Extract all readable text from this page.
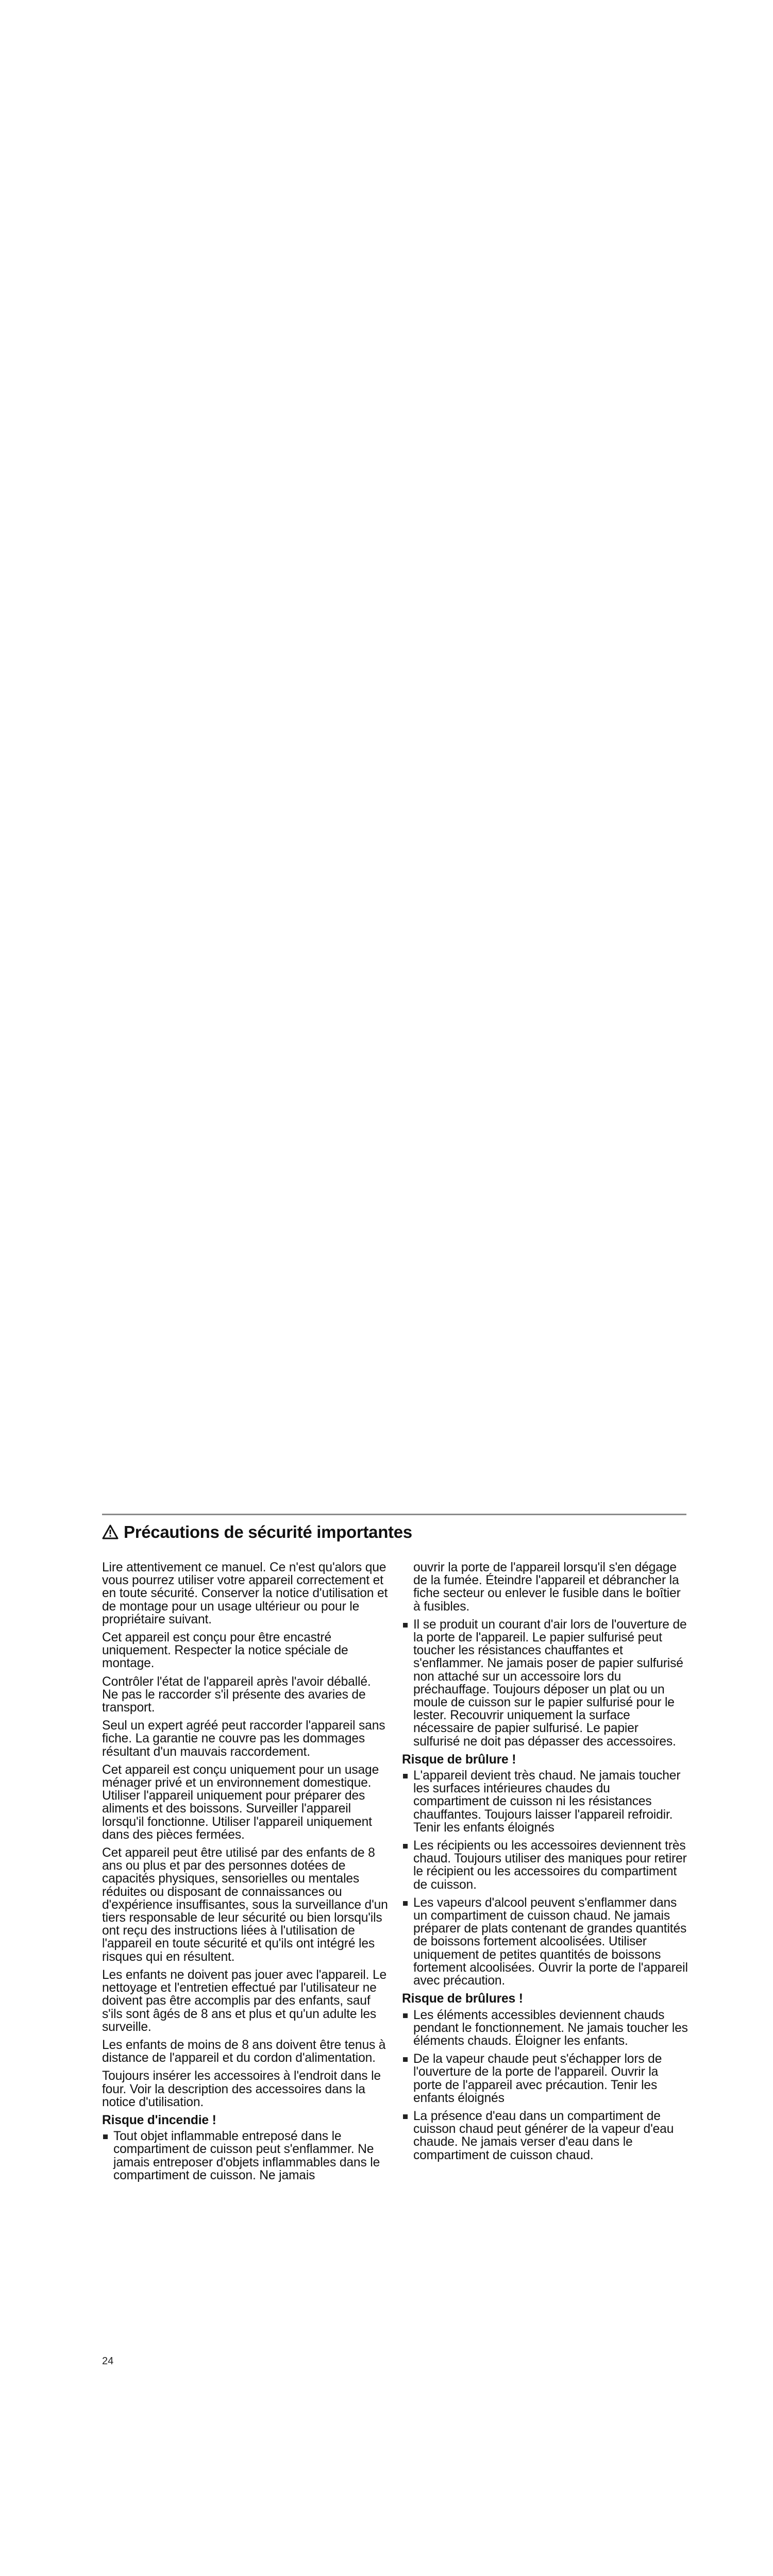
Précautions de sécurité importantes

Lire attentivement ce manuel. Ce n'est qu'alors que vous pourrez utiliser votre appareil correctement et en toute sécurité. Conserver la notice d'utilisation et de montage pour un usage ultérieur ou pour le propriétaire suivant.

Cet appareil est conçu pour être encastré uniquement. Respecter la notice spéciale de montage.

Contrôler l'état de l'appareil après l'avoir déballé. Ne pas le raccorder s'il présente des avaries de transport.

Seul un expert agréé peut raccorder l'appareil sans fiche. La garantie ne couvre pas les dommages résultant d'un mauvais raccordement.

Cet appareil est conçu uniquement pour un usage ménager privé et un environnement domestique. Utiliser l'appareil uniquement pour préparer des aliments et des boissons. Surveiller l'appareil lorsqu'il fonctionne. Utiliser l'appareil uniquement dans des pièces fermées.

Cet appareil peut être utilisé par des enfants de 8 ans ou plus et par des personnes dotées de capacités physiques, sensorielles ou mentales réduites ou disposant de connaissances ou d'expérience insuffisantes, sous la surveillance d'un tiers responsable de leur sécurité ou bien lorsqu'ils ont reçu des instructions liées à l'utilisation de l'appareil en toute sécurité et qu'ils ont intégré les risques qui en résultent.

Les enfants ne doivent pas jouer avec l'appareil. Le nettoyage et l'entretien effectué par l'utilisateur ne doivent pas être accomplis par des enfants, sauf s'ils sont âgés de 8 ans et plus et qu'un adulte les surveille.

Les enfants de moins de 8 ans doivent être tenus à distance de l'appareil et du cordon d'alimentation.

Toujours insérer les accessoires à l'endroit dans le four. Voir la description des accessoires dans la notice d'utilisation.

Risque d'incendie !

Tout objet inflammable entreposé dans le compartiment de cuisson peut s'enflammer. Ne jamais entreposer d'objets inflammables dans le compartiment de cuisson. Ne jamais

ouvrir la porte de l'appareil lorsqu'il s'en dégage de la fumée. Éteindre l'appareil et débrancher la fiche secteur ou enlever le fusible dans le boîtier à fusibles.

Il se produit un courant d'air lors de l'ouverture de la porte de l'appareil. Le papier sulfurisé peut toucher les résistances chauffantes et s'enflammer. Ne jamais poser de papier sulfurisé non attaché sur un accessoire lors du préchauffage. Toujours déposer un plat ou un moule de cuisson sur le papier sulfurisé pour le lester. Recouvrir uniquement la surface nécessaire de papier sulfurisé. Le papier sulfurisé ne doit pas dépasser des accessoires.

Risque de brûlure !

L'appareil devient très chaud. Ne jamais toucher les surfaces intérieures chaudes du compartiment de cuisson ni les résistances chauffantes. Toujours laisser l'appareil refroidir. Tenir les enfants éloignés

Les récipients ou les accessoires deviennent très chaud. Toujours utiliser des maniques pour retirer le récipient ou les accessoires du compartiment de cuisson.

Les vapeurs d'alcool peuvent s'enflammer dans un compartiment de cuisson chaud. Ne jamais préparer de plats contenant de grandes quantités de boissons fortement alcoolisées. Utiliser uniquement de petites quantités de boissons fortement alcoolisées. Ouvrir la porte de l'appareil avec précaution.

Risque de brûlures !

Les éléments accessibles deviennent chauds pendant le fonctionnement. Ne jamais toucher les éléments chauds. Éloigner les enfants.

De la vapeur chaude peut s'échapper lors de l'ouverture de la porte de l'appareil. Ouvrir la porte de l'appareil avec précaution. Tenir les enfants éloignés

La présence d'eau dans un compartiment de cuisson chaud peut générer de la vapeur d'eau chaude. Ne jamais verser d'eau dans le compartiment de cuisson chaud.

24
